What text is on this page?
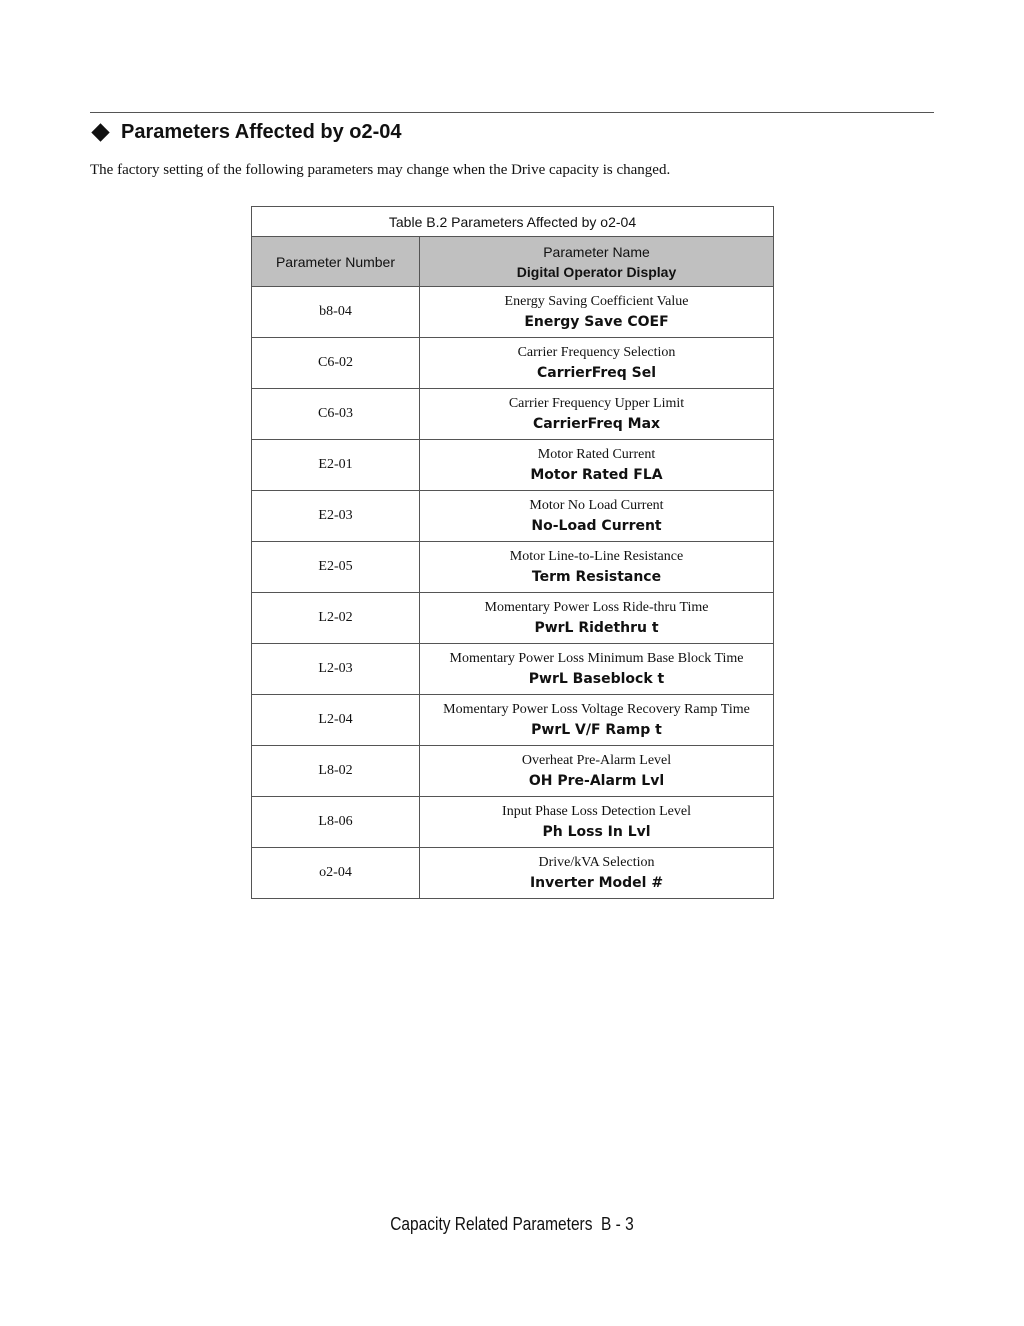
Parameters Affected by o2-04
The factory setting of the following parameters may change when the Drive capacity is changed.
Table B.2 Parameters Affected by o2-04	
Parameter Number	Parameter Name
Digital Operator Display

b8-04	Energy Saving Coefficient Value
Energy Save COEF

C6-02	Carrier Frequency Selection
CarrierFreq Sel

C6-03	Carrier Frequency Upper Limit
CarrierFreq Max

E2-01	Motor Rated Current
Motor Rated FLA

E2-03	Motor No Load Current
No-Load Current

E2-05	Motor Line-to-Line Resistance
Term Resistance

L2-02	Momentary Power Loss Ride-thru Time
PwrL Ridethru t

L2-03	Momentary Power Loss Minimum Base Block Time
PwrL Baseblock t

L2-04	Momentary Power Loss Voltage Recovery Ramp Time
PwrL V/F Ramp t

L8-02	Overheat Pre-Alarm Level
OH Pre-Alarm Lvl

L8-06	Input Phase Loss Detection Level
Ph Loss In Lvl

o2-04	Drive/kVA Selection
Inverter Model #
Capacity Related Parameters  B - 3
